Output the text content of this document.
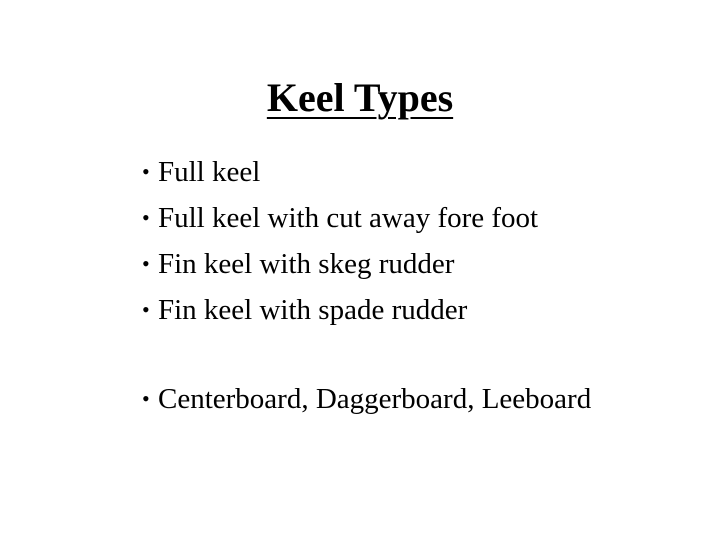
Keel Types
• Full keel
• Full keel with cut away fore foot
• Fin keel with skeg rudder
• Fin keel with spade rudder
• Centerboard, Daggerboard, Leeboard
